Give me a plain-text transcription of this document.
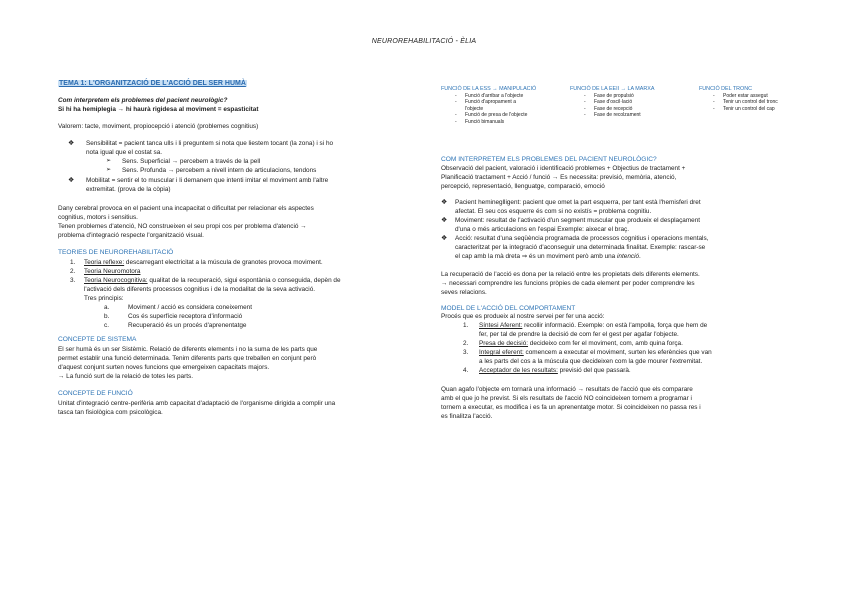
NEUROREHABILITACIÓ - ÈLIA
TEMA 1: L'ORGANITZACIÓ DE L'ACCIÓ DEL SER HUMÀ
Com interpretem els problemes del pacient neurològic?
Si hi ha hemiplegia → hi haurà rigidesa al moviment = espasticitat
Valorem: tacte, moviment, propiocepció i atenció (problemes cognitius)
❖ Sensibilitat = pacient tanca ulls i li preguntem si nota que liestem tocant (la zona) i si ho
nota igual que el costat sa.
➢ Sens. Superficial → percebem a través de la pell
➢ Sens. Profunda → percebem a nivell intern de articulacions, tendons
❖ Mobilitat = sentir el to muscular i li demanem que intenti imitar el moviment amb l'altre
extremitat. (prova de la còpia)
Dany cerebral provoca en el pacient una incapacitat o dificultat per relacionar els aspectes
cognitius, motors i sensitius.
Tenen problemes d'atenció, NO construeixen el seu propi cos per problema d'atenció →
problema d'integració respecte l'organització visual.
TEORIES DE NEUROREHABILITACIÓ
1. Teoria reflexe: descarregant electricitat a la múscula de granotes provoca moviment.
2. Teoria Neuromotora
3. Teoria Neurocognitiva: qualitat de la recuperació, sigui espontània o conseguida, depèn de
l'activació dels diferents processos cognitius i de la modalitat de la seva activació.
Tres principis:
a.	Moviment / acció es considera coneixement
b.	Cos és superfície receptora d'informació
c.	Recuperació és un procés d'aprenentatge
CONCEPTE DE SISTEMA
El ser humà és un ser Sistèmic. Relació de diferents elements i no la suma de les parts que
permet establir una funció determinada. Tenim diferents parts que treballen en conjunt però
d'aquest conjunt surten noves funcions que emergeixen capacitats majors.
→ La funció surt de la relació de totes les parts.
CONCEPTE DE FUNCIÓ
Unitat d'integració centre-perifèria amb capacitat d'adaptació de l'organisme dirigida a complir una
tasca tan fisiològica com psicològica.
FUNCIÓ DE LA ESS → MANIPULACIÓ
- Funció d'arribar a l'objecte
- Funció d'apropament a
l'objecte
- Funció de presa de l'objecte
- Funció bimanuals
FUNCIÓ DE LA EEII → LA MARXA
- Fase de propulsió
- Fase d'oscil·lació
- Fase de recepció
- Fase de recolzament
FUNCIÓ DEL TRONC
- Poder estar assegut
- Tenir un control del tronc
- Tenir un control del cap
COM INTERPRETEM ELS PROBLEMES DEL PACIENT NEUROLÒGIC?
Observació del pacient, valoració i identificació problemes + Objectius de tractament +
Planificació tractament + Acció / funció → Es necessita: previsió, memòria, atenció,
percepció, representació, llenguatge, comparació, emoció
❖ Pacient hemineglligent: pacient que omet la part esquerra, per tant està l'hemisferi dret
afectat. El seu cos esquerre és com si no existís = problema cognitiu.
❖ Moviment: resultat de l'activació d'un segment muscular que produeix el desplaçament
d'una o més articulacions en l'espai Exemple: aixecar el braç.
❖ Acció: resultat d'una seqüència programada de processos cognitius i operacions mentals,
caracteritzat per la integració d'aconseguir una determinada finalitat. Exemple: rascar-se
el cap amb la mà dreta ⇒ és un moviment però amb una intenció.
La recuperació de l'acció es dona per la relació entre les propietats dels diferents elements.
→ necessari comprendre les funcions pròpies de cada element per poder comprendre les
seves relacions.
MODEL DE L'ACCIÓ DEL COMPORTAMENT
Procés que es produeix al nostre servei per fer una acció:
1. Síntesi Aferent: recollir informació. Exemple: on està l'ampolla, força que hem de
fer, per tal de prendre la decisió de com fer el gest per agafar l'objecte.
2. Presa de decisió: decideixo com fer el moviment, com, amb quina força.
3. Integral eferent: comencem a executar el moviment, surten les eferències que van
a les parts del cos a la múscula que decideixen com la gde mourer l'extremitat.
4. Acceptador de les resultats: previsió del que passarà.
Quan agafo l'objecte em tornarà una informació → resultats de l'acció que els comparare
amb el que jo he previst. Si els resultats de l'acció NO coincideixen tornem a programar i
tornem a executar, es modifica i es fa un aprenentatge motor. Si coincideixen no passa res i
es finalitza l'acció.
